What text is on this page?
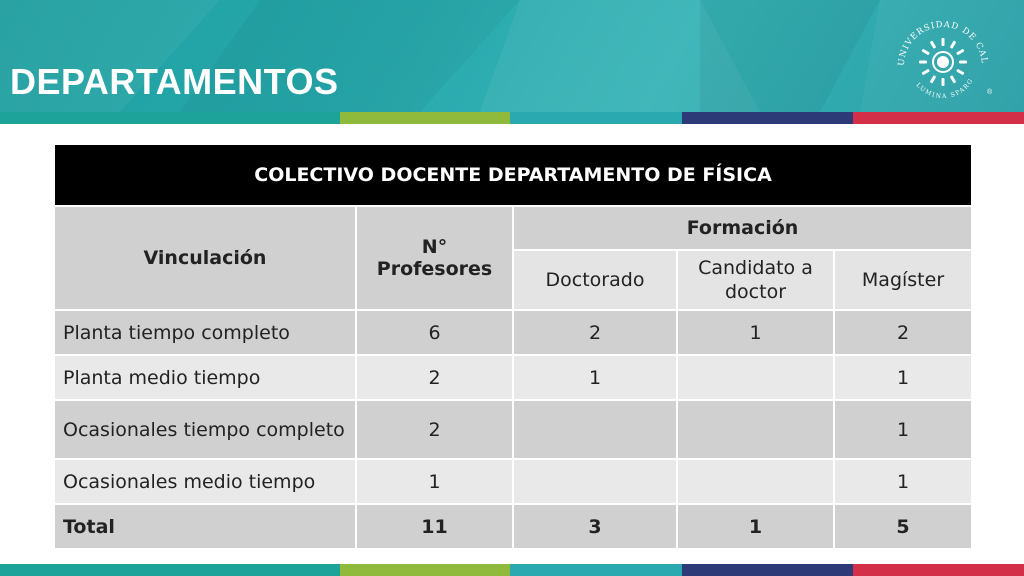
DEPARTAMENTOS	UNIVERSIDAD DE CAL
LUMINA SPARG
®
COLECTIVO DOCENTE DEPARTAMENTO DE FÍSICA				
Vinculación	N° Profesores	Formación		
		Doctorado	Candidato a doctor	Magíster
Planta tiempo completo	6	2	1	2
Planta medio tiempo	2	1		1
Ocasionales tiempo completo	2			1
Ocasionales medio tiempo	1			1
Total	11	3	1	5
